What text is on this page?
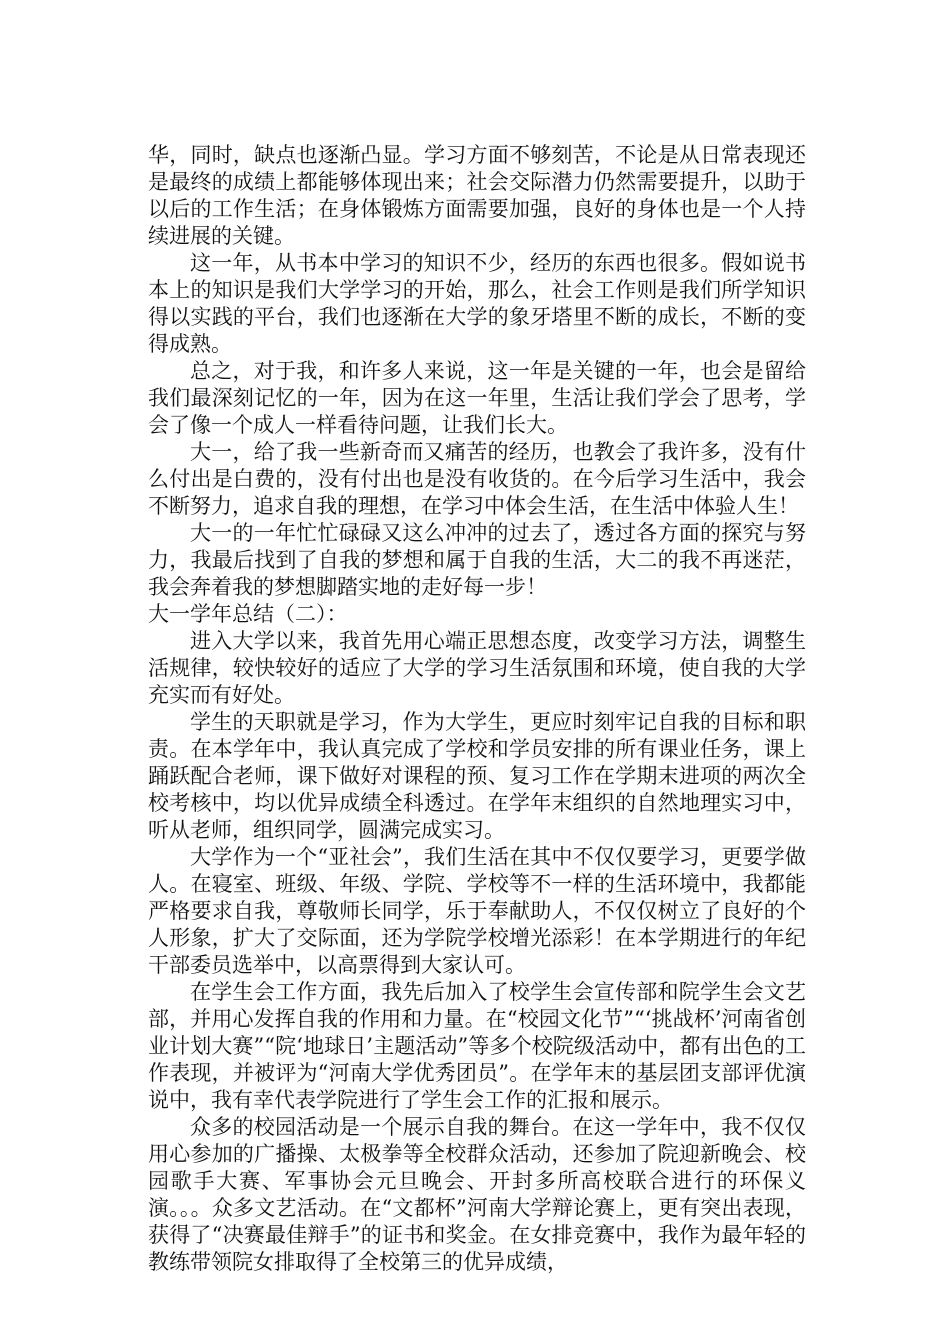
华，同时，缺点也逐渐凸显。学习方面不够刻苦，不论是从日常表现还是最终的成绩上都能够体现出来；社会交际潜力仍然需要提升，以助于以后的工作生活；在身体锻炼方面需要加强，良好的身体也是一个人持续进展的关键。

这一年，从书本中学习的知识不少，经历的东西也很多。假如说书本上的知识是我们大学学习的开始，那么，社会工作则是我们所学知识得以实践的平台，我们也逐渐在大学的象牙塔里不断的成长，不断的变得成熟。

总之，对于我，和许多人来说，这一年是关键的一年，也会是留给我们最深刻记忆的一年，因为在这一年里，生活让我们学会了思考，学会了像一个成人一样看待问题，让我们长大。

大一，给了我一些新奇而又痛苦的经历，也教会了我许多，没有什么付出是白费的，没有付出也是没有收货的。在今后学习生活中，我会不断努力，追求自我的理想，在学习中体会生活，在生活中体验人生！

大一的一年忙忙碌碌又这么冲冲的过去了，透过各方面的探究与努力，我最后找到了自我的梦想和属于自我的生活，大二的我不再迷茫，我会奔着我的梦想脚踏实地的走好每一步！

大一学年总结（二）：

进入大学以来，我首先用心端正思想态度，改变学习方法，调整生活规律，较快较好的适应了大学的学习生活氛围和环境，使自我的大学充实而有好处。

学生的天职就是学习，作为大学生，更应时刻牢记自我的目标和职责。在本学年中，我认真完成了学校和学员安排的所有课业任务，课上踊跃配合老师，课下做好对课程的预、复习工作在学期末进项的两次全校考核中，均以优异成绩全科透过。在学年末组织的自然地理实习中，听从老师，组织同学，圆满完成实习。

大学作为一个“亚社会”，我们生活在其中不仅仅要学习，更要学做人。在寝室、班级、年级、学院、学校等不一样的生活环境中，我都能严格要求自我，尊敬师长同学，乐于奉献助人，不仅仅树立了良好的个人形象，扩大了交际面，还为学院学校增光添彩！在本学期进行的年纪干部委员选举中，以高票得到大家认可。

在学生会工作方面，我先后加入了校学生会宣传部和院学生会文艺部，并用心发挥自我的作用和力量。在“校园文化节”“‘挑战杯’河南省创业计划大赛”“院‘地球日’主题活动”等多个校院级活动中，都有出色的工作表现，并被评为“河南大学优秀团员”。在学年末的基层团支部评优演说中，我有幸代表学院进行了学生会工作的汇报和展示。

众多的校园活动是一个展示自我的舞台。在这一学年中，我不仅仅用心参加的广播操、太极拳等全校群众活动，还参加了院迎新晚会、校园歌手大赛、军事协会元旦晚会、开封多所高校联合进行的环保义演。。。众多文艺活动。在“文都杯”河南大学辩论赛上，更有突出表现，获得了“决赛最佳辩手”的证书和奖金。在女排竞赛中，我作为最年轻的教练带领院女排取得了全校第三的优异成绩，
